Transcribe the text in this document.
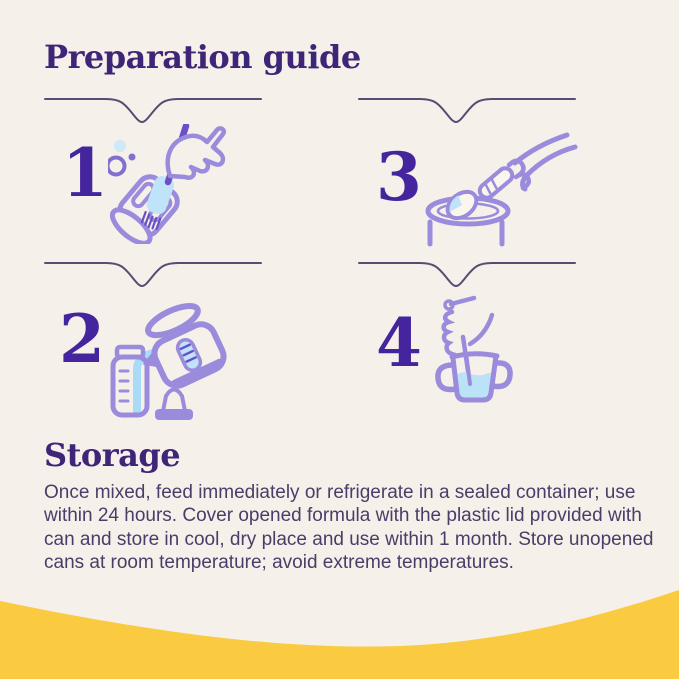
Preparation guide
1	3
2	4
Storage

Once mixed, feed immediately or refrigerate in a sealed container; use within 24 hours. Cover opened formula with the plastic lid provided with can and store in cool, dry place and use within 1 month. Store unopened cans at room temperature; avoid extreme temperatures.
